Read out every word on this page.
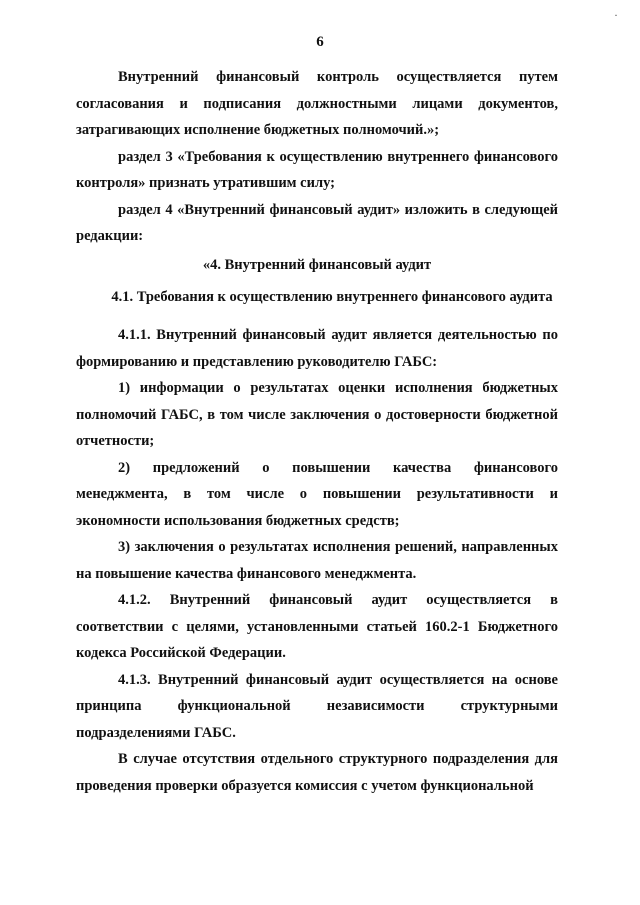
·
6

Внутренний финансовый контроль осуществляется путем согласования и подписания должностными лицами документов, затрагивающих исполнение бюджетных полномочий.»;

раздел 3 «Требования к осуществлению внутреннего финансового контроля» признать утратившим силу;

раздел 4 «Внутренний финансовый аудит» изложить в следующей редакции:

«4. Внутренний финансовый аудит

4.1. Требования к осуществлению внутреннего финансового аудита

4.1.1. Внутренний финансовый аудит является деятельностью по формированию и представлению руководителю ГАБС:

1) информации о результатах оценки исполнения бюджетных полномочий ГАБС, в том числе заключения о достоверности бюджетной отчетности;

2) предложений о повышении качества финансового менеджмента, в том числе о повышении результативности и экономности использования бюджетных средств;

3) заключения о результатах исполнения решений, направленных на повышение качества финансового менеджмента.

4.1.2. Внутренний финансовый аудит осуществляется в соответствии с целями, установленными статьей 160.2-1 Бюджетного кодекса Российской Федерации.

4.1.3. Внутренний финансовый аудит осуществляется на основе принципа функциональной независимости структурными подразделениями ГАБС.

В случае отсутствия отдельного структурного подразделения для проведения проверки образуется комиссия с учетом функциональной
